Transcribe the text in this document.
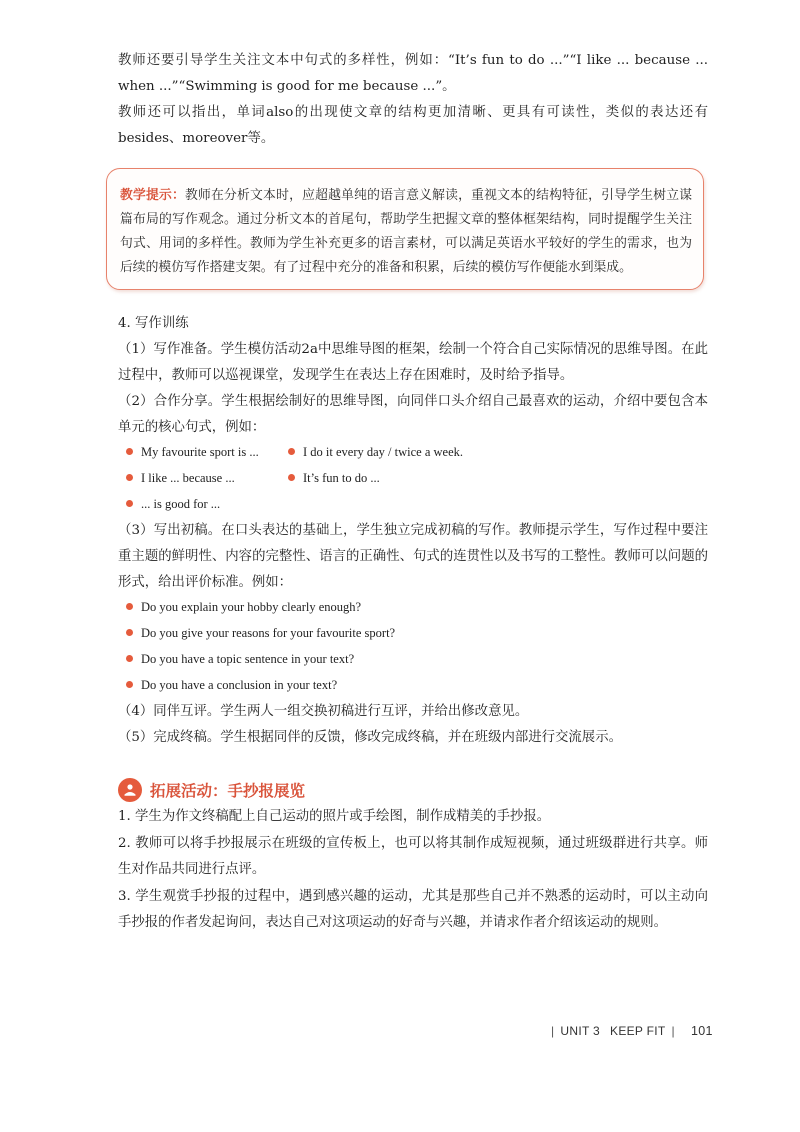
教师还要引导学生关注文本中句式的多样性，例如：“It’s fun to do ...”“I like ... because ... when ...”“Swimming is good for me because ...”。

教师还可以指出，单词also的出现使文章的结构更加清晰、更具有可读性，类似的表达还有besides、moreover等。

教学提示：教师在分析文本时，应超越单纯的语言意义解读，重视文本的结构特征，引导学生树立谋篇布局的写作观念。通过分析文本的首尾句，帮助学生把握文章的整体框架结构，同时提醒学生关注句式、用词的多样性。教师为学生补充更多的语言素材，可以满足英语水平较好的学生的需求，也为后续的模仿写作搭建支架。有了过程中充分的准备和积累，后续的模仿写作便能水到渠成。

4. 写作训练

（1）写作准备。学生模仿活动2a中思维导图的框架，绘制一个符合自己实际情况的思维导图。在此过程中，教师可以巡视课堂，发现学生在表达上存在困难时，及时给予指导。

（2）合作分享。学生根据绘制好的思维导图，向同伴口头介绍自己最喜欢的运动，介绍中要包含本单元的核心句式，例如：

My favourite sport is ...	I do it every day / twice a week.
I like ... because ...	It’s fun to do ...
... is good for ...

（3）写出初稿。在口头表达的基础上，学生独立完成初稿的写作。教师提示学生，写作过程中要注重主题的鲜明性、内容的完整性、语言的正确性、句式的连贯性以及书写的工整性。教师可以问题的形式，给出评价标准。例如：

Do you explain your hobby clearly enough?
Do you give your reasons for your favourite sport?
Do you have a topic sentence in your text?
Do you have a conclusion in your text?

（4）同伴互评。学生两人一组交换初稿进行互评，并给出修改意见。

（5）完成终稿。学生根据同伴的反馈，修改完成终稿，并在班级内部进行交流展示。

拓展活动：手抄报展览

1. 学生为作文终稿配上自己运动的照片或手绘图，制作成精美的手抄报。

2. 教师可以将手抄报展示在班级的宣传板上，也可以将其制作成短视频，通过班级群进行共享。师生对作品共同进行点评。

3. 学生观赏手抄报的过程中，遇到感兴趣的运动，尤其是那些自己并不熟悉的运动时，可以主动向手抄报的作者发起询问，表达自己对这项运动的好奇与兴趣，并请求作者介绍该运动的规则。

| UNIT 3 KEEP FIT | 101
